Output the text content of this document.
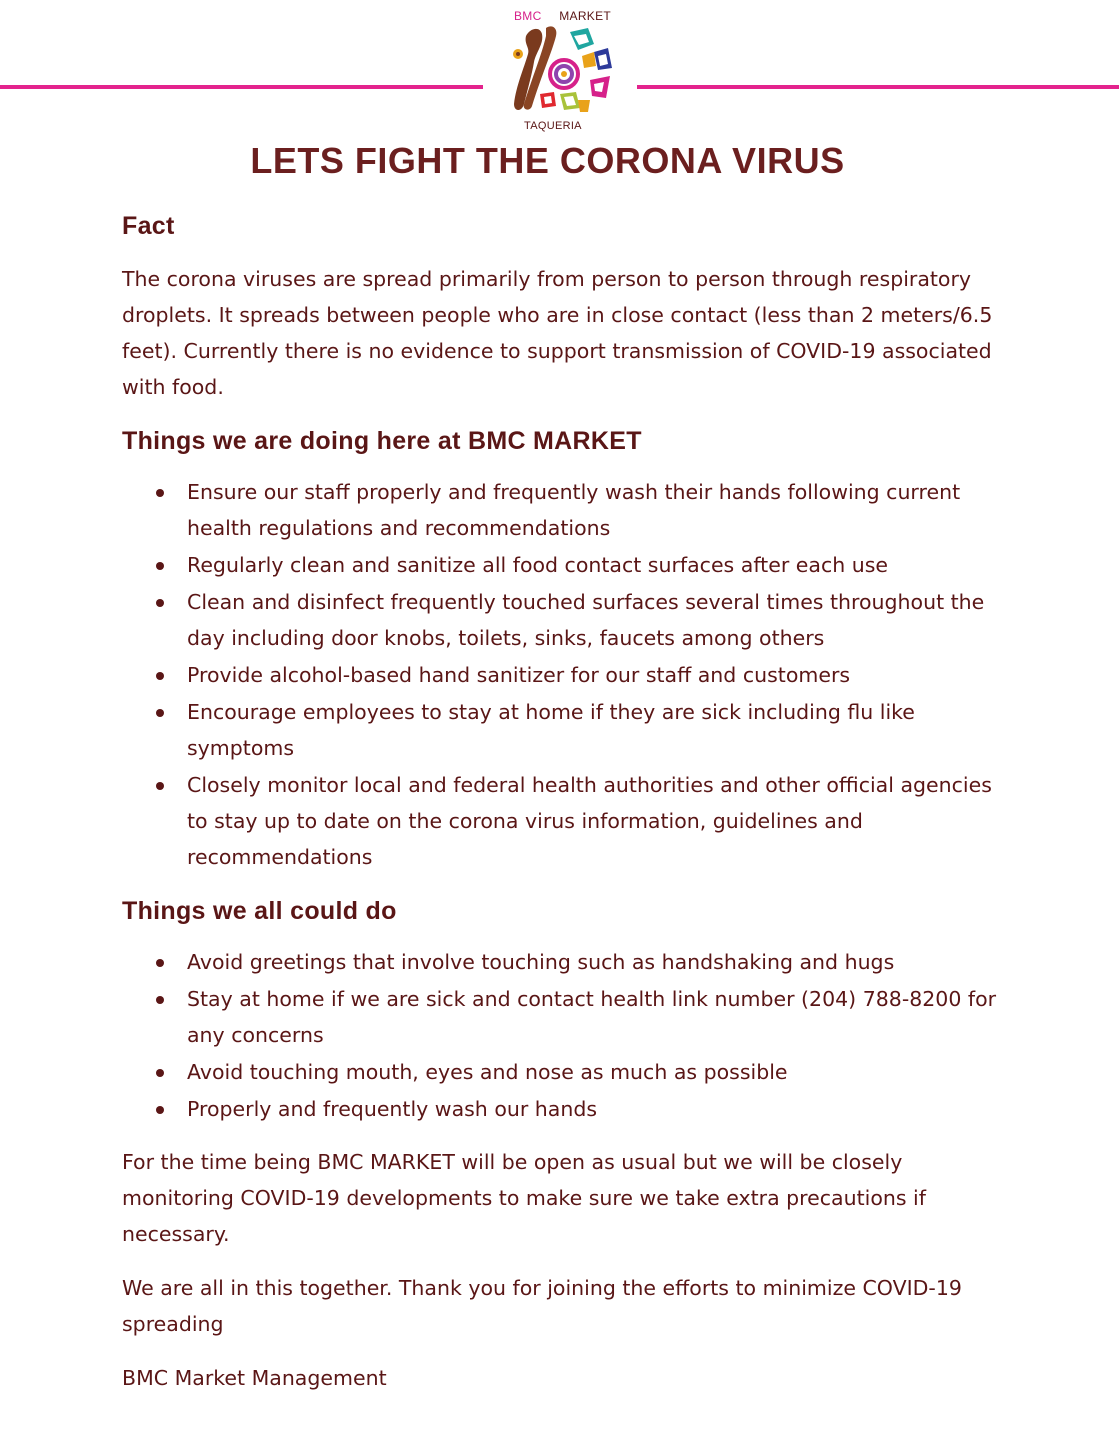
BMC MARKET
TAQUERIA
LETS FIGHT THE CORONA VIRUS
Fact

The corona viruses are spread primarily from person to person through respiratory droplets. It spreads between people who are in close contact (less than 2 meters/6.5 feet). Currently there is no evidence to support transmission of COVID-19 associated with food.

Things we are doing here at BMC MARKET
Ensure our staff properly and frequently wash their hands following current health regulations and recommendations
Regularly clean and sanitize all food contact surfaces after each use
Clean and disinfect frequently touched surfaces several times throughout the day including door knobs, toilets, sinks, faucets among others
Provide alcohol-based hand sanitizer for our staff and customers
Encourage employees to stay at home if they are sick including flu like symptoms
Closely monitor local and federal health authorities and other official agencies to stay up to date on the corona virus information, guidelines and recommendations
Things we all could do
Avoid greetings that involve touching such as handshaking and hugs
Stay at home if we are sick and contact health link number (204) 788-8200 for any concerns
Avoid touching mouth, eyes and nose as much as possible
Properly and frequently wash our hands

For the time being BMC MARKET will be open as usual but we will be closely monitoring COVID-19 developments to make sure we take extra precautions if necessary.

We are all in this together. Thank you for joining the efforts to minimize COVID-19 spreading

BMC Market Management
